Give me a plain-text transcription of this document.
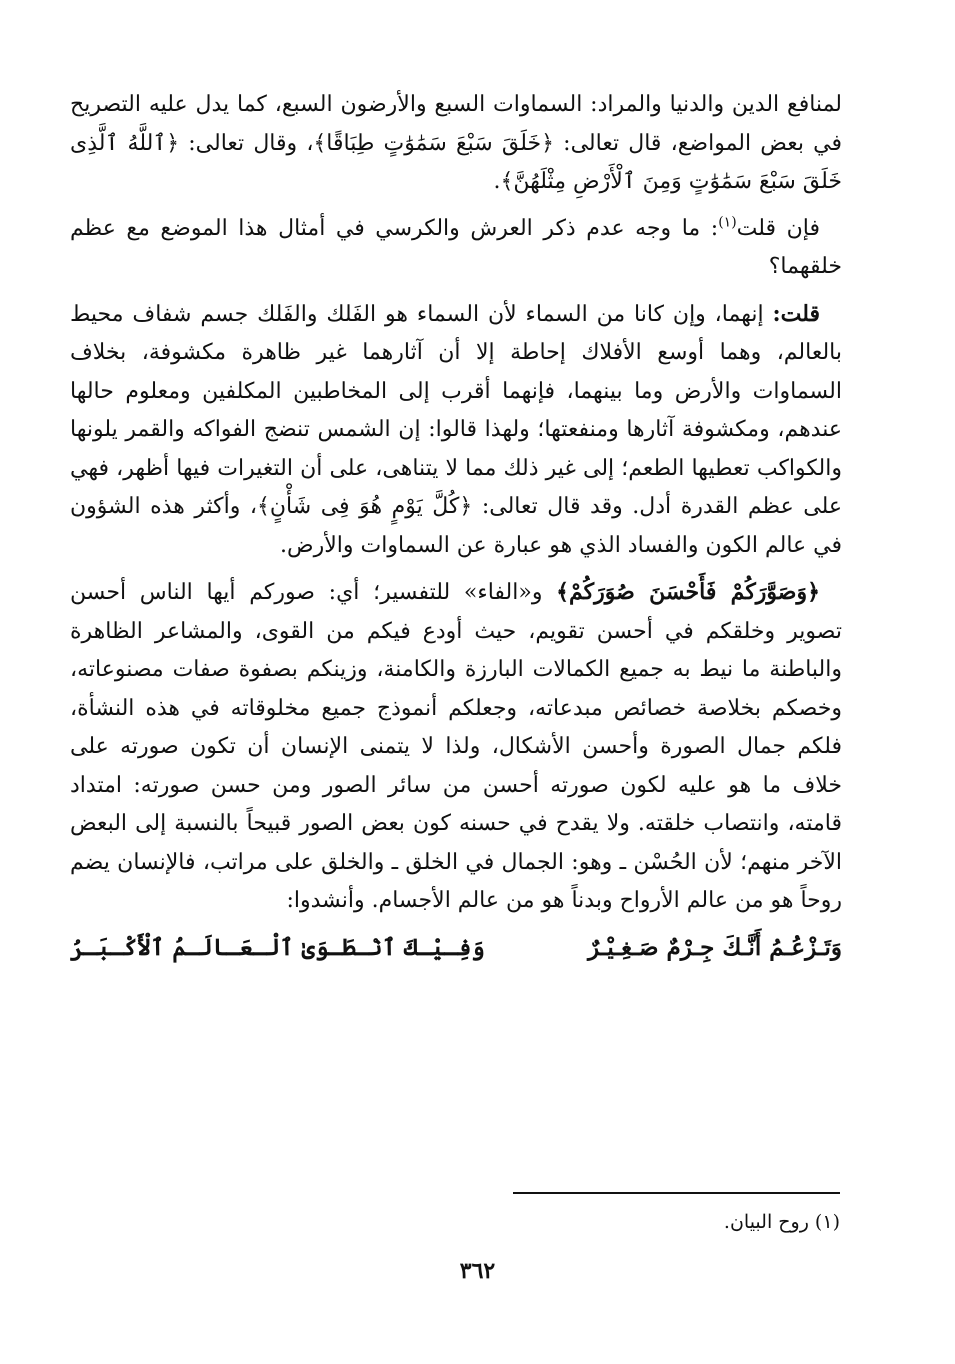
لمنافع الدين والدنيا والمراد: السماوات السبع والأرضون السبع، كما يدل عليه التصريح في بعض المواضع، قال تعالى: ﴿خَلَقَ سَبْعَ سَمَٰوَٰتٍ طِبَاقًا﴾، وقال تعالى: ﴿ٱللَّهُ ٱلَّذِى خَلَقَ سَبْعَ سَمَٰوَٰتٍ وَمِنَ ٱلْأَرْضِ مِثْلَهُنَّ﴾.

فإن قلت$^{(١)}$: ما وجه عدم ذكر العرش والكرسي في أمثال هذا الموضع مع عظم خلقهما؟

قلت: إنهما، وإن كانا من السماء لأن السماء هو الفَلك والفَلك جسم شفاف محيط بالعالم، وهما أوسع الأفلاك إحاطة إلا أن آثارهما غير ظاهرة مكشوفة، بخلاف السماوات والأرض وما بينهما، فإنهما أقرب إلى المخاطبين المكلفين ومعلوم حالها عندهم، ومكشوفة آثارها ومنفعتها؛ ولهذا قالوا: إن الشمس تنضج الفواكه والقمر يلونها والكواكب تعطيها الطعم؛ إلى غير ذلك مما لا يتناهى، على أن التغيرات فيها أظهر، فهي على عظم القدرة أدل. وقد قال تعالى: ﴿كُلَّ يَوْمٍ هُوَ فِى شَأْنٍ﴾، وأكثر هذه الشؤون في عالم الكون والفساد الذي هو عبارة عن السماوات والأرض.

﴿وَصَوَّرَكُمْ فَأَحْسَنَ صُوَرَكُمْ﴾ و«الفاء» للتفسير؛ أي: صوركم أيها الناس أحسن تصوير وخلقكم في أحسن تقويم، حيث أودع فيكم من القوى، والمشاعر الظاهرة والباطنة ما نيط به جميع الكمالات البارزة والكامنة، وزينكم بصفوة صفات مصنوعاته، وخصكم بخلاصة خصائص مبدعاته، وجعلكم أنموذج جميع مخلوقاته في هذه النشأة، فلكم جمال الصورة وأحسن الأشكال، ولذا لا يتمنى الإنسان أن تكون صورته على خلاف ما هو عليه لكون صورته أحسن من سائر الصور ومن حسن صورته: امتداد قامته، وانتصاب خلقته. ولا يقدح في حسنه كون بعض الصور قبيحاً بالنسبة إلى البعض الآخر منهم؛ لأن الحُسْن ـ وهو: الجمال في الخلق ـ والخلق على مراتب، فالإنسان يضم روحاً هو من عالم الأرواح وبدناً هو من عالم الأجسام. وأنشدوا:

وَتَـزْعُـمُ أَنَّـكَ جِـرْمٌ صَـغِـيْـرٌ
وَفِـيْـكَ ٱنْـطَـوَىٰ ٱلْـعَـالَـمُ ٱلْأَكْـبَـرُ
(١) روح البيان.
٣٦٢
